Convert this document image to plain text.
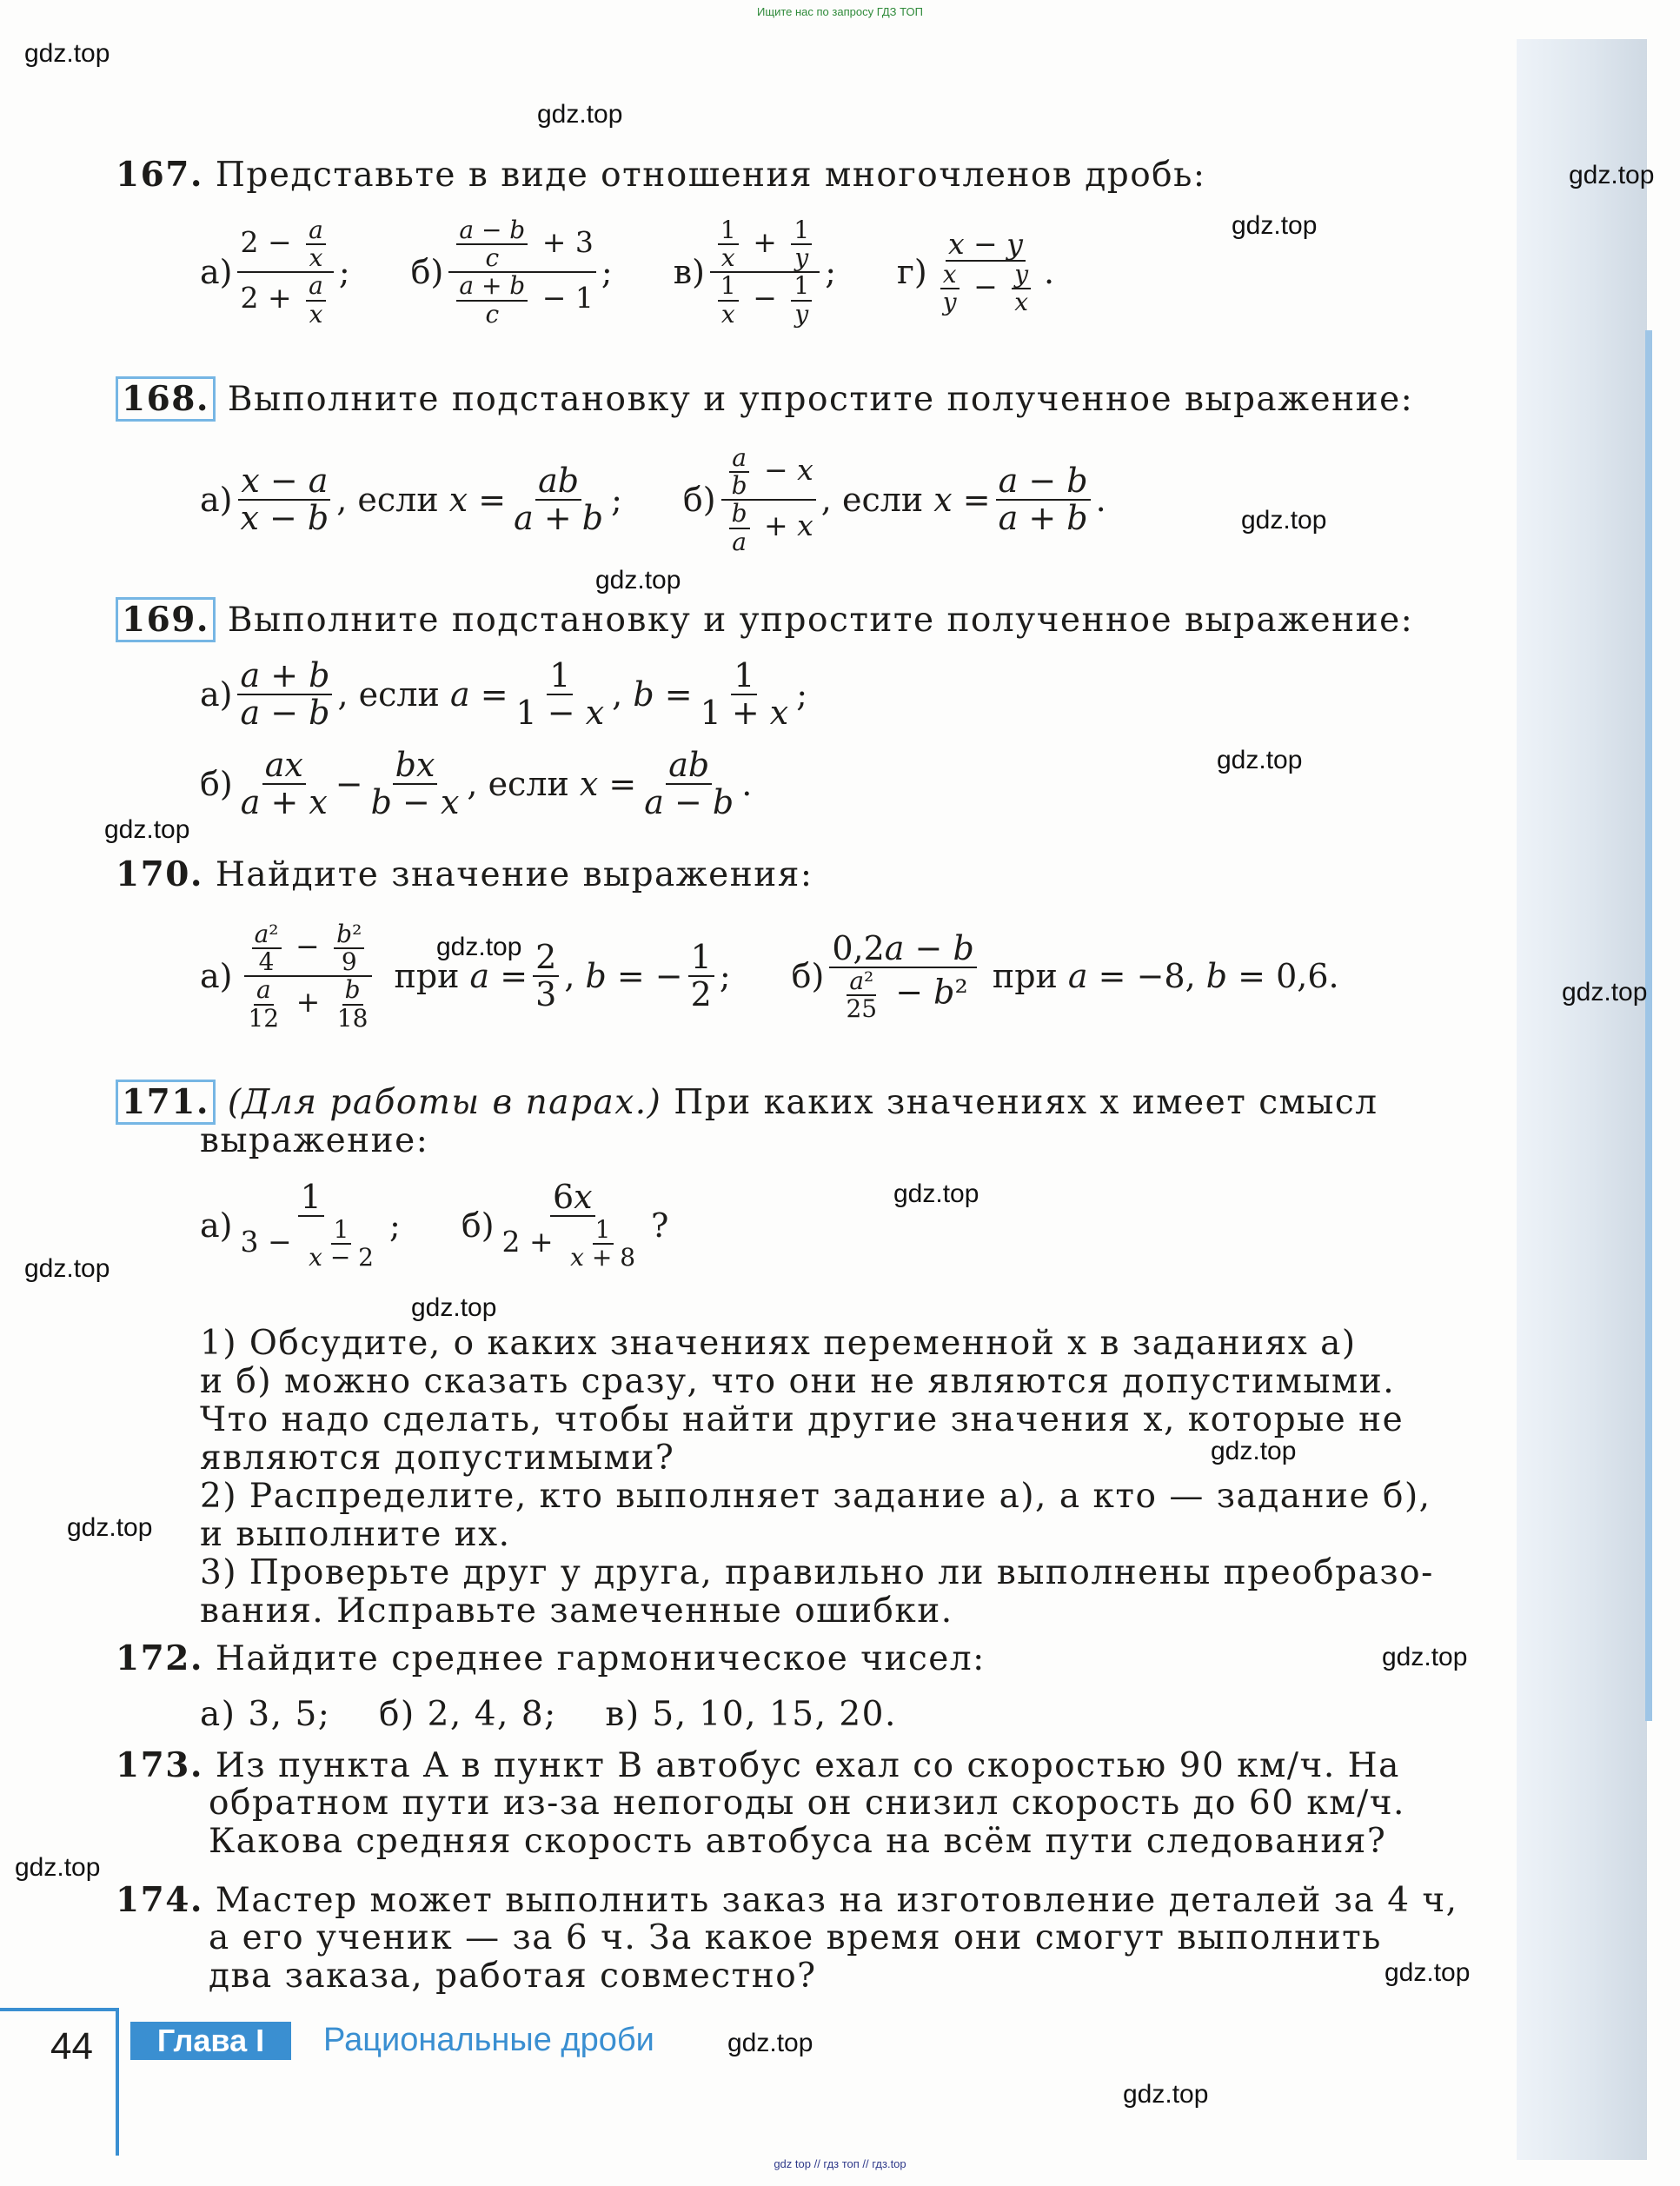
Ищите нас по запросу ГДЗ ТОП
gdz.top
gdz.top
gdz.top
gdz.top
gdz.top
gdz.top
gdz.top
gdz.top
gdz.top
gdz.top
gdz.top
gdz.top
gdz.top
gdz.top
gdz.top
gdz.top
gdz.top
gdz.top
gdz.top
gdz.top
167. Представьте в виде отношения многочленов дробь:
$а) \frac{2 - \frac{a}{x}}{2 + \frac{a}{x}}$ ; $б) \frac{\frac{a - b}{c} + 3}{\frac{a + b}{c} - 1}$ ; $в) \frac{\frac{1}{x} + \frac{1}{y}}{\frac{1}{x} - \frac{1}{y}}$ ; $г) \frac{x - y}{\frac{x}{y} - \frac{y}{x}}$ .
168. Выполните подстановку и упростите полученное выражение:
$а) \frac{x - a}{x - b}$ , если $x = \frac{ab}{a + b}$ ; $б) \frac{\frac{a}{b} - x}{\frac{b}{a} + x}$ , если $x = \frac{a - b}{a + b}$ .
169. Выполните подстановку и упростите полученное выражение:
$а) \frac{a + b}{a - b}$ , если $a = \frac{1}{1 - x}$ , $b = \frac{1}{1 + x}$ ;
$б) \frac{ax}{a + x} - \frac{bx}{b - x}$ , если $x = \frac{ab}{a - b}$ .
170. Найдите значение выражения:
$а) \frac{\frac{\text{a²}}{4} - \frac{\text{b²}}{9}}{\frac{a}{12} + \frac{b}{18}}$ при $a = \frac{2}{3}$ , b = − $\frac{1}{2}$ ; $б) \frac{0,2a - b}{\frac{\text{a²}}{25} - b^2}$ при a = −8, b = 0,6.
171. (Для работы в парах.) При каких значениях x имеет смысл
выражение:
$а) \frac{1}{3 - \frac{1}{x - 2}}$ ; $б) \frac{6x}{2 + \frac{1}{x + 8}}$ ?
1) Обсудите, о каких значениях переменной x в заданиях а)
и б) можно сказать сразу, что они не являются допустимыми.
Что надо сделать, чтобы найти другие значения x, которые не
являются допустимыми?
2) Распределите, кто выполняет задание а), а кто — задание б),
и выполните их.
3) Проверьте друг у друга, правильно ли выполнены преобразо-
вания. Исправьте замеченные ошибки.
172. Найдите среднее гармоническое чисел:
а) 3, 5;    б) 2, 4, 8;    в) 5, 10, 15, 20.
173. Из пункта A в пункт B автобус ехал со скоростью 90 км/ч. На
обратном пути из-за непогоды он снизил скорость до 60 км/ч.
Какова средняя скорость автобуса на всём пути следования?
174. Мастер может выполнить заказ на изготовление деталей за 4 ч,
а его ученик — за 6 ч. За какое время они смогут выполнить
два заказа, работая совместно?
44	Глава I	Рациональные дроби
gdz top // гдз топ // гдз.top
